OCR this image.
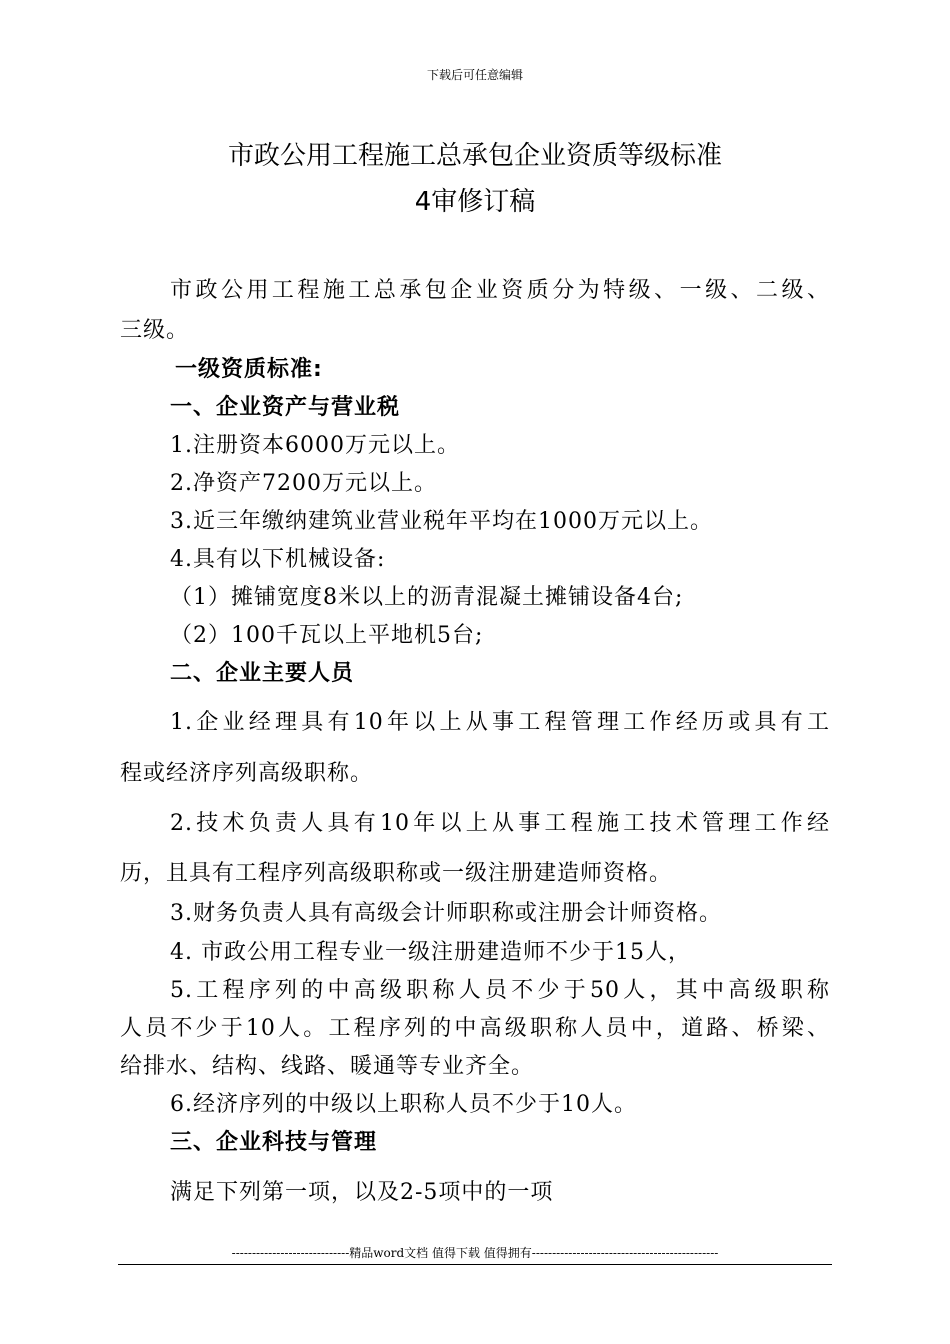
下载后可任意编辑
市政公用工程施工总承包企业资质等级标准
4审修订稿
市政公用工程施工总承包企业资质分为特级、一级、二级、
三级。
一级资质标准:
一、企业资产与营业税
1.注册资本6000万元以上。
2.净资产7200万元以上。
3.近三年缴纳建筑业营业税年平均在1000万元以上。
4.具有以下机械设备:
（1）摊铺宽度8米以上的沥青混凝土摊铺设备4台;
（2）100千瓦以上平地机5台;
二、企业主要人员
1.企业经理具有10年以上从事工程管理工作经历或具有工
程或经济序列高级职称。
2.技术负责人具有10年以上从事工程施工技术管理工作经
历，且具有工程序列高级职称或一级注册建造师资格。
3.财务负责人具有高级会计师职称或注册会计师资格。
4. 市政公用工程专业一级注册建造师不少于15人，
5.工程序列的中高级职称人员不少于50人，其中高级职称
人员不少于10人。工程序列的中高级职称人员中，道路、桥梁、
给排水、结构、线路、暖通等专业齐全。
6.经济序列的中级以上职称人员不少于10人。
三、企业科技与管理
满足下列第一项，以及2-5项中的一项
-----------------------------精品word文档 值得下载 值得拥有----------------------------------------------
